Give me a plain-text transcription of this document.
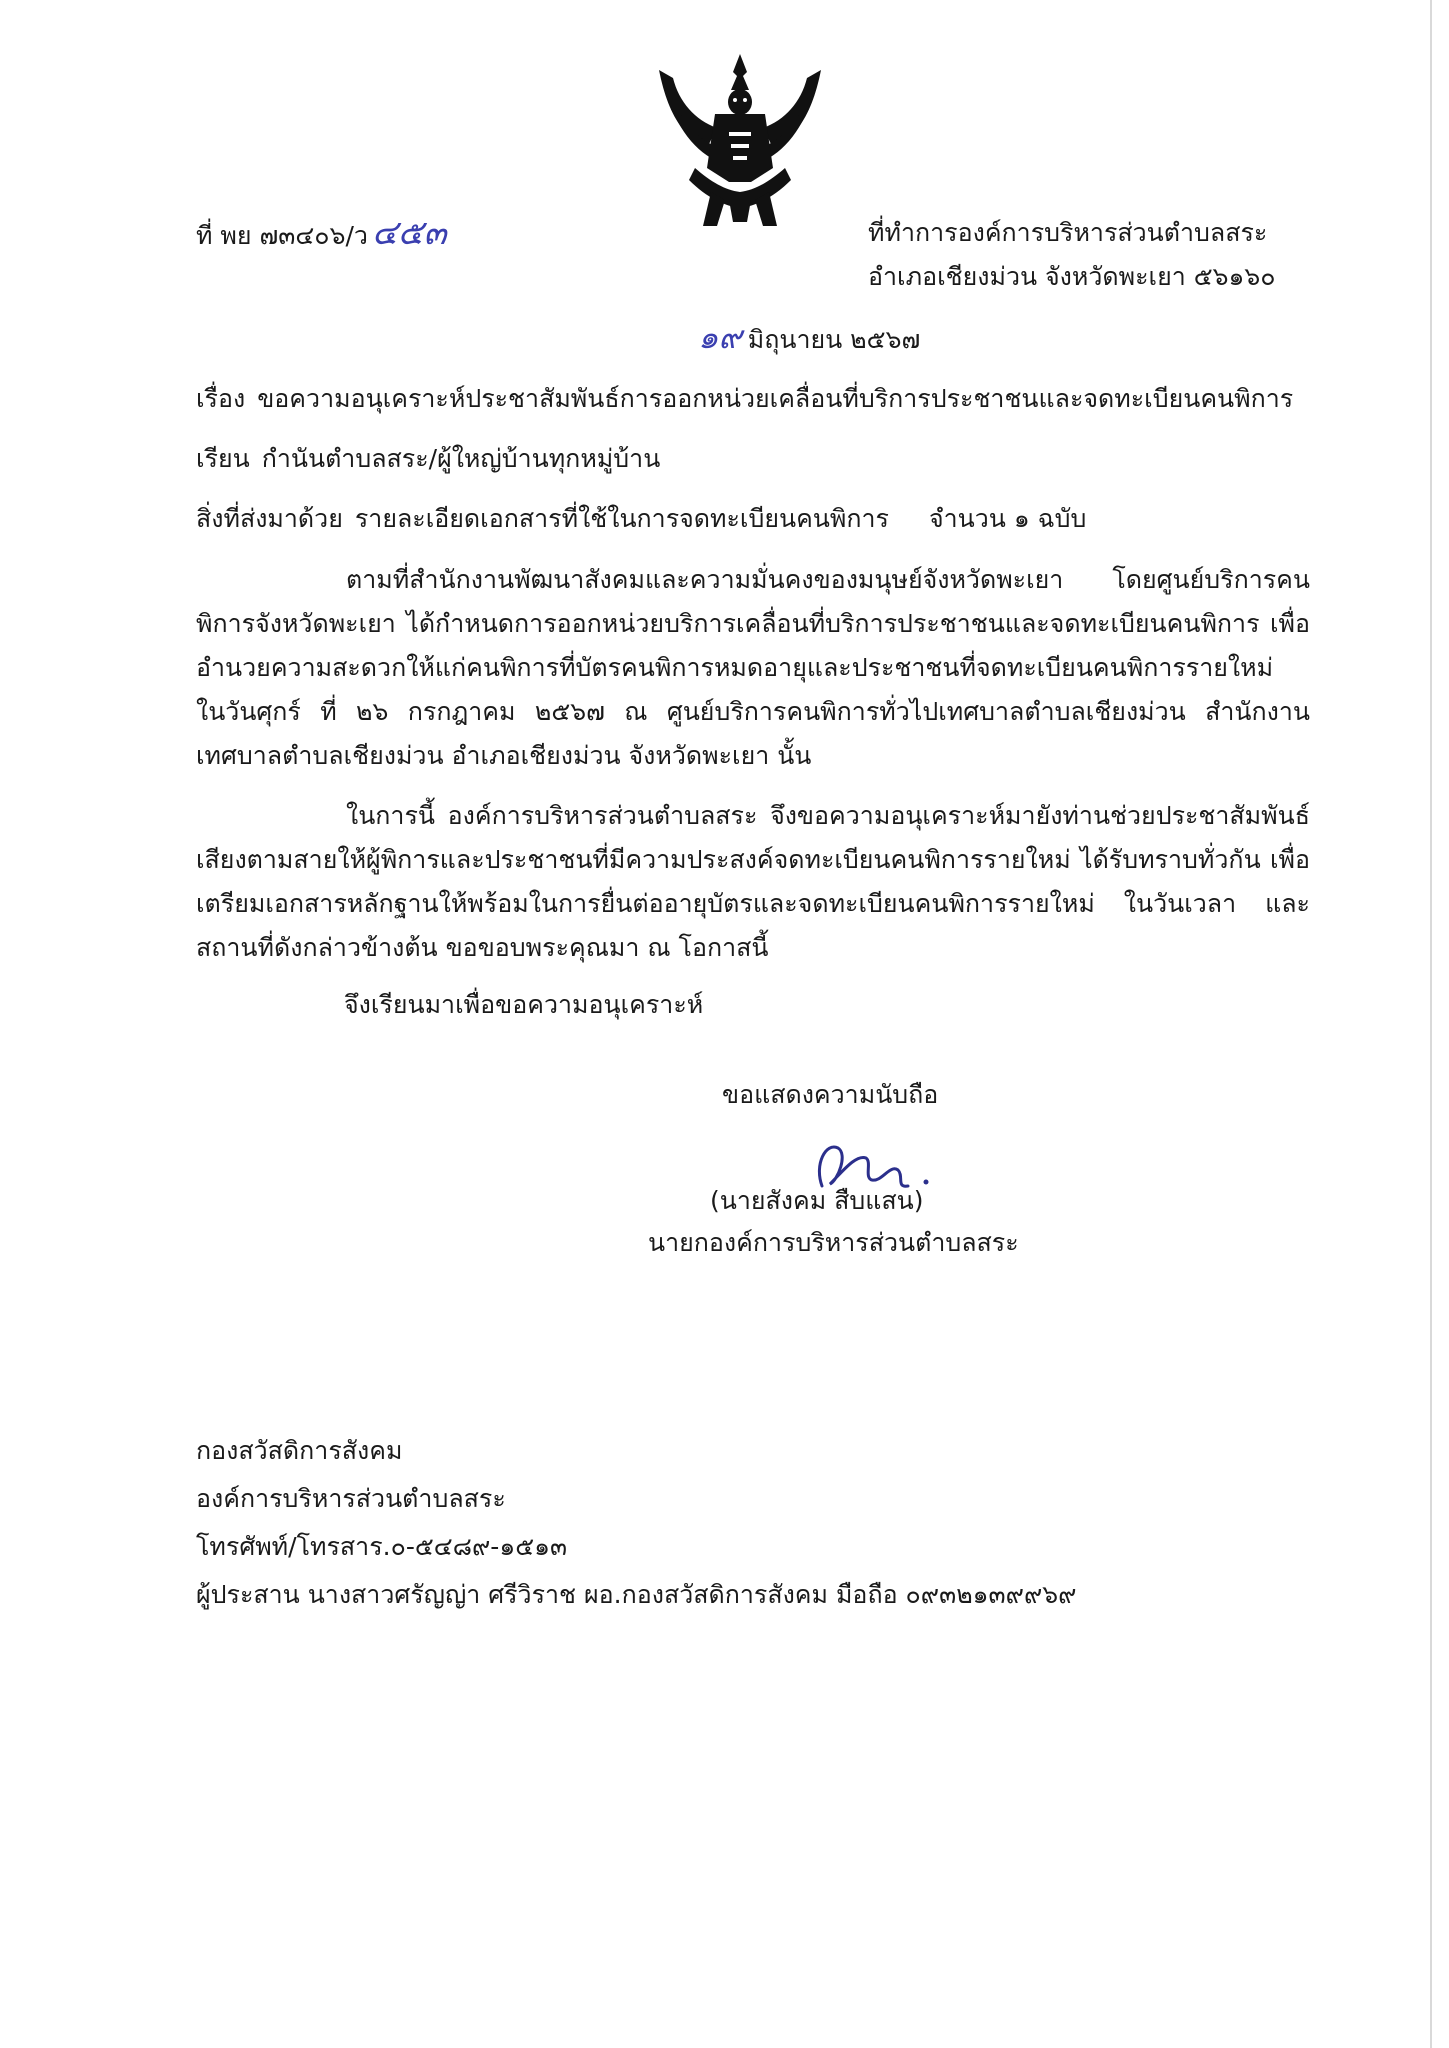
ที่ พย ๗๓๔๐๖/ว ๔๕๓	ที่ทำการองค์การบริหารส่วนตำบลสระ
อำเภอเชียงม่วน จังหวัดพะเยา ๕๖๑๖๐
๑๙ มิถุนายน ๒๕๖๗
เรื่อง ขอความอนุเคราะห์ประชาสัมพันธ์การออกหน่วยเคลื่อนที่บริการประชาชนและจดทะเบียนคนพิการ
เรียน กำนันตำบลสระ/ผู้ใหญ่บ้านทุกหมู่บ้าน
สิ่งที่ส่งมาด้วย รายละเอียดเอกสารที่ใช้ในการจดทะเบียนคนพิการ จำนวน ๑ ฉบับ
ตามที่สำนักงานพัฒนาสังคมและความมั่นคงของมนุษย์จังหวัดพะเยา โดยศูนย์บริการคนพิการจังหวัดพะเยา ได้กำหนดการออกหน่วยบริการเคลื่อนที่บริการประชาชนและจดทะเบียนคนพิการ เพื่ออำนวยความสะดวกให้แก่คนพิการที่บัตรคนพิการหมดอายุและประชาชนที่จดทะเบียนคนพิการรายใหม่ ในวันศุกร์ ที่ ๒๖ กรกฎาคม ๒๕๖๗ ณ ศูนย์บริการคนพิการทั่วไปเทศบาลตำบลเชียงม่วน สำนักงานเทศบาลตำบลเชียงม่วน อำเภอเชียงม่วน จังหวัดพะเยา นั้น
ในการนี้ องค์การบริหารส่วนตำบลสระ จึงขอความอนุเคราะห์มายังท่านช่วยประชาสัมพันธ์เสียงตามสายให้ผู้พิการและประชาชนที่มีความประสงค์จดทะเบียนคนพิการรายใหม่ ได้รับทราบทั่วกัน เพื่อเตรียมเอกสารหลักฐานให้พร้อมในการยื่นต่ออายุบัตรและจดทะเบียนคนพิการรายใหม่ ในวันเวลา และสถานที่ดังกล่าวข้างต้น ขอขอบพระคุณมา ณ โอกาสนี้
จึงเรียนมาเพื่อขอความอนุเคราะห์
ขอแสดงความนับถือ
(นายสังคม สืบแสน)
นายกองค์การบริหารส่วนตำบลสระ
กองสวัสดิการสังคม
องค์การบริหารส่วนตำบลสระ
โทรศัพท์/โทรสาร.๐-๕๔๘๙-๑๕๑๓
ผู้ประสาน นางสาวศรัญญ่า ศรีวิราช ผอ.กองสวัสดิการสังคม มือถือ ๐๙๓๒๑๓๙๙๖๙
